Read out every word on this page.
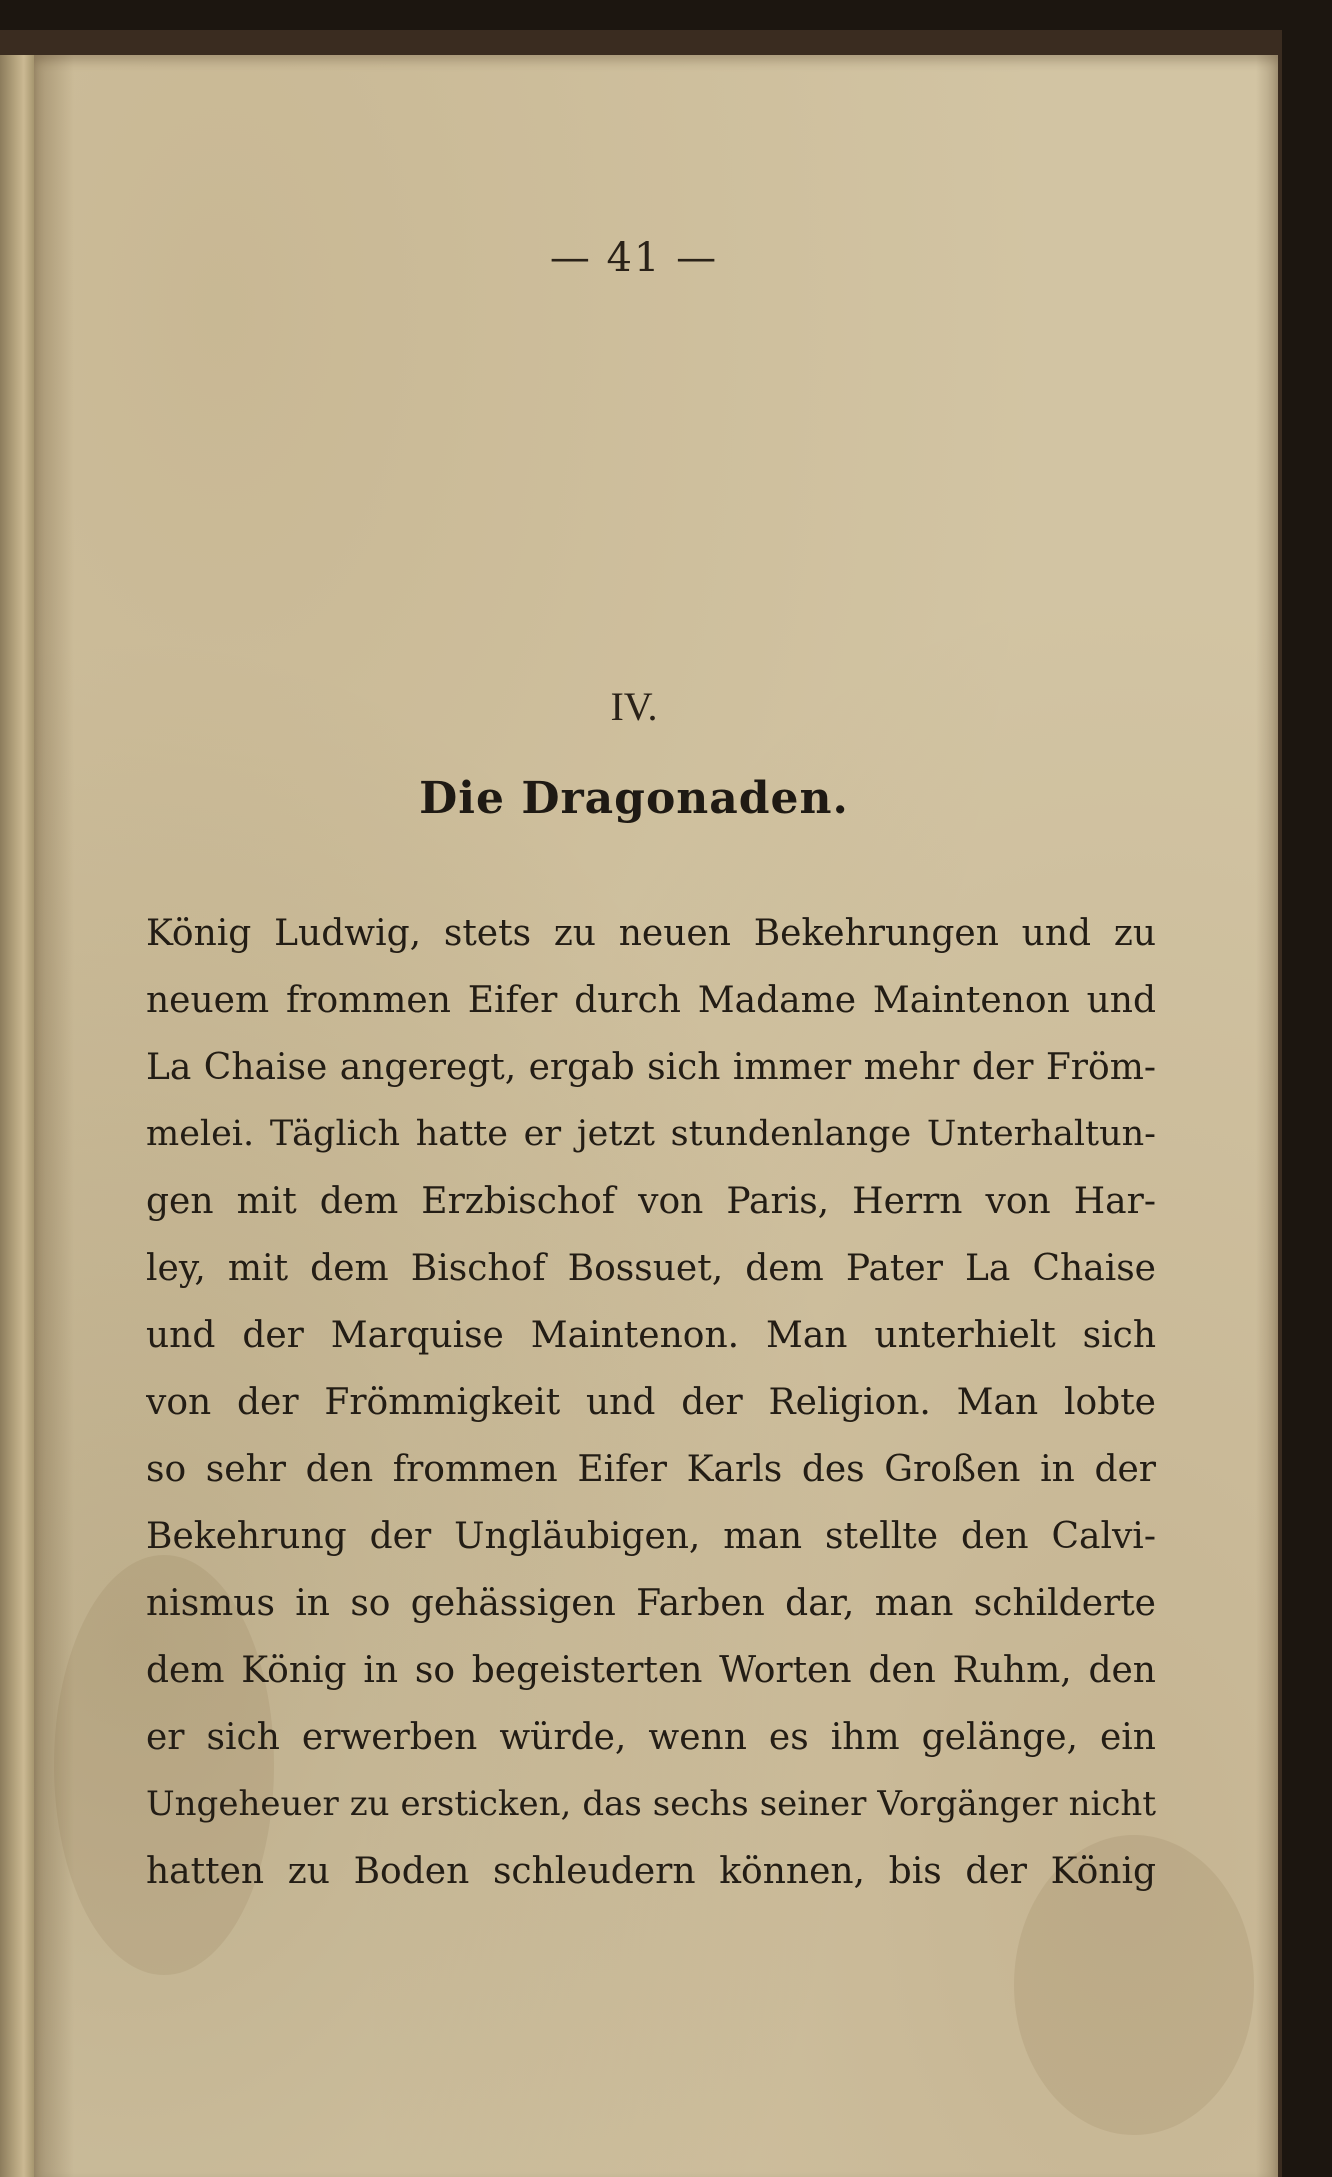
— 41 —
IV.
Die Dragonaden.
König Ludwig, stets zu neuen Bekehrungen und zu
neuem frommen Eifer durch Madame Maintenon und
La Chaise angeregt, ergab sich immer mehr der Fröm-
melei. Täglich hatte er jetzt stundenlange Unterhaltun-
gen mit dem Erzbischof von Paris, Herrn von Har-
ley, mit dem Bischof Bossuet, dem Pater La Chaise
und der Marquise Maintenon. Man unterhielt sich
von der Frömmigkeit und der Religion. Man lobte
so sehr den frommen Eifer Karls des Großen in der
Bekehrung der Ungläubigen, man stellte den Calvi-
nismus in so gehässigen Farben dar, man schilderte
dem König in so begeisterten Worten den Ruhm, den
er sich erwerben würde, wenn es ihm gelänge, ein
Ungeheuer zu ersticken, das sechs seiner Vorgänger nicht
hatten zu Boden schleudern können, bis der König
